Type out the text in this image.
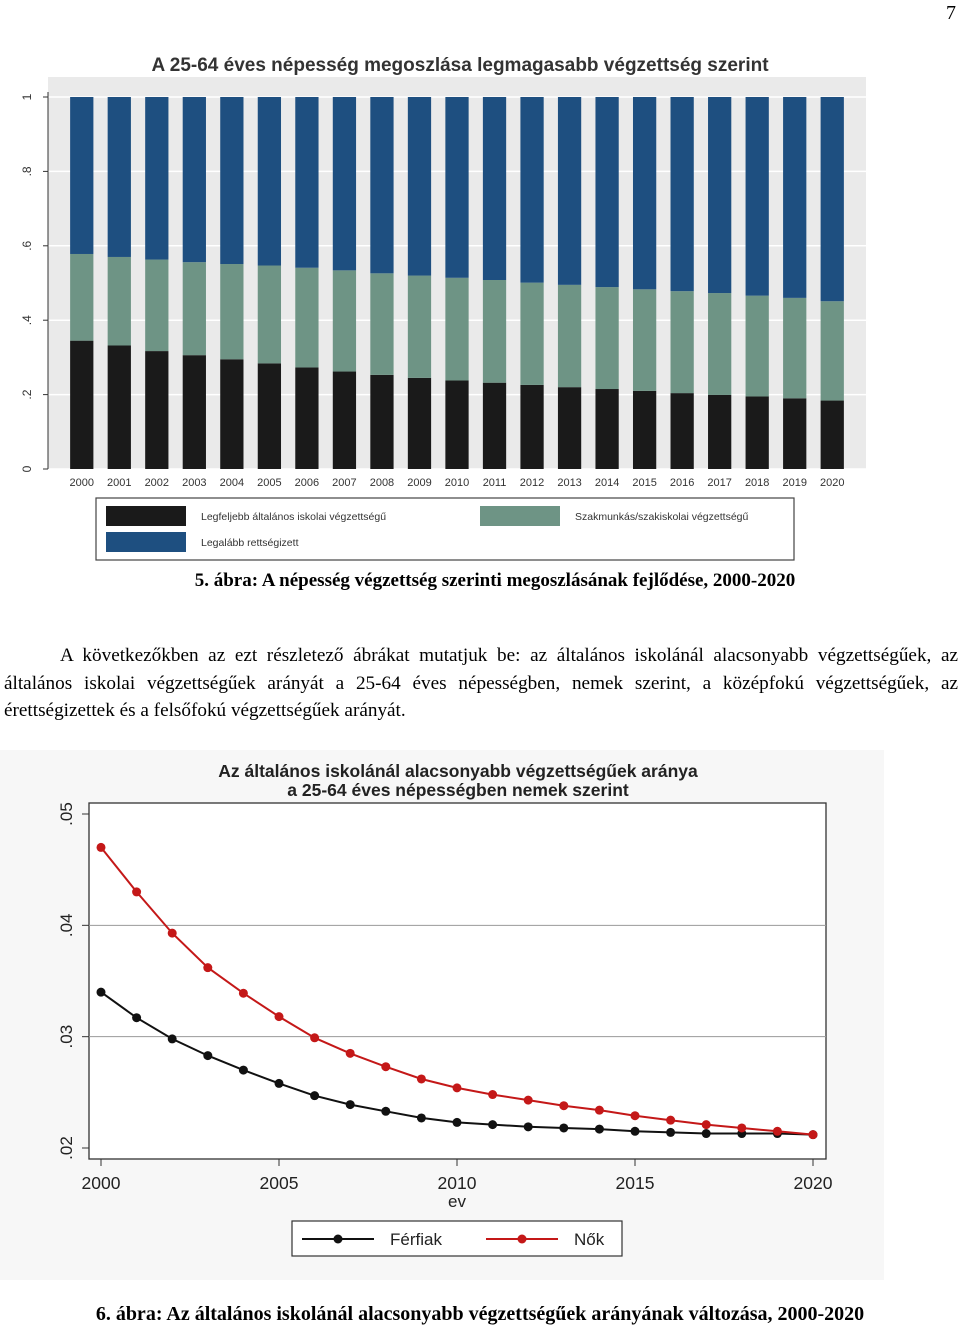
7
A 25-64 éves népesség megoszlása legmagasabb végzettség szerint
0
.2
.4
.6
.8
1
2000 2001 2002 2003 2004 2005 2006 2007 2008 2009 2010 2011 2012 2013 2014 2015 2016 2017 2018 2019 2020
Legfeljebb általános iskolai végzettségű	Szakmunkás/szakiskolai végzettségű
Legalább rettségizett
5. ábra: A népesség végzettség szerinti megoszlásának fejlődése, 2000-2020
A következőkben az ezt részletező ábrákat mutatjuk be: az általános iskolánál alacsonyabb végzettségűek, az általános iskolai végzettségűek arányát a 25-64 éves népességben, nemek szerint, a középfokú végzettségűek, az érettségizettek és a felsőfokú végzettségűek arányát.
Az általános iskolánál alacsonyabb végzettségűek aránya
a 25-64 éves népességben nemek szerint
.02
.03
.04
.05
2000	2005	2010	2015	2020
ev
Férfiak	Nők
6. ábra: Az általános iskolánál alacsonyabb végzettségűek arányának változása, 2000-2020
